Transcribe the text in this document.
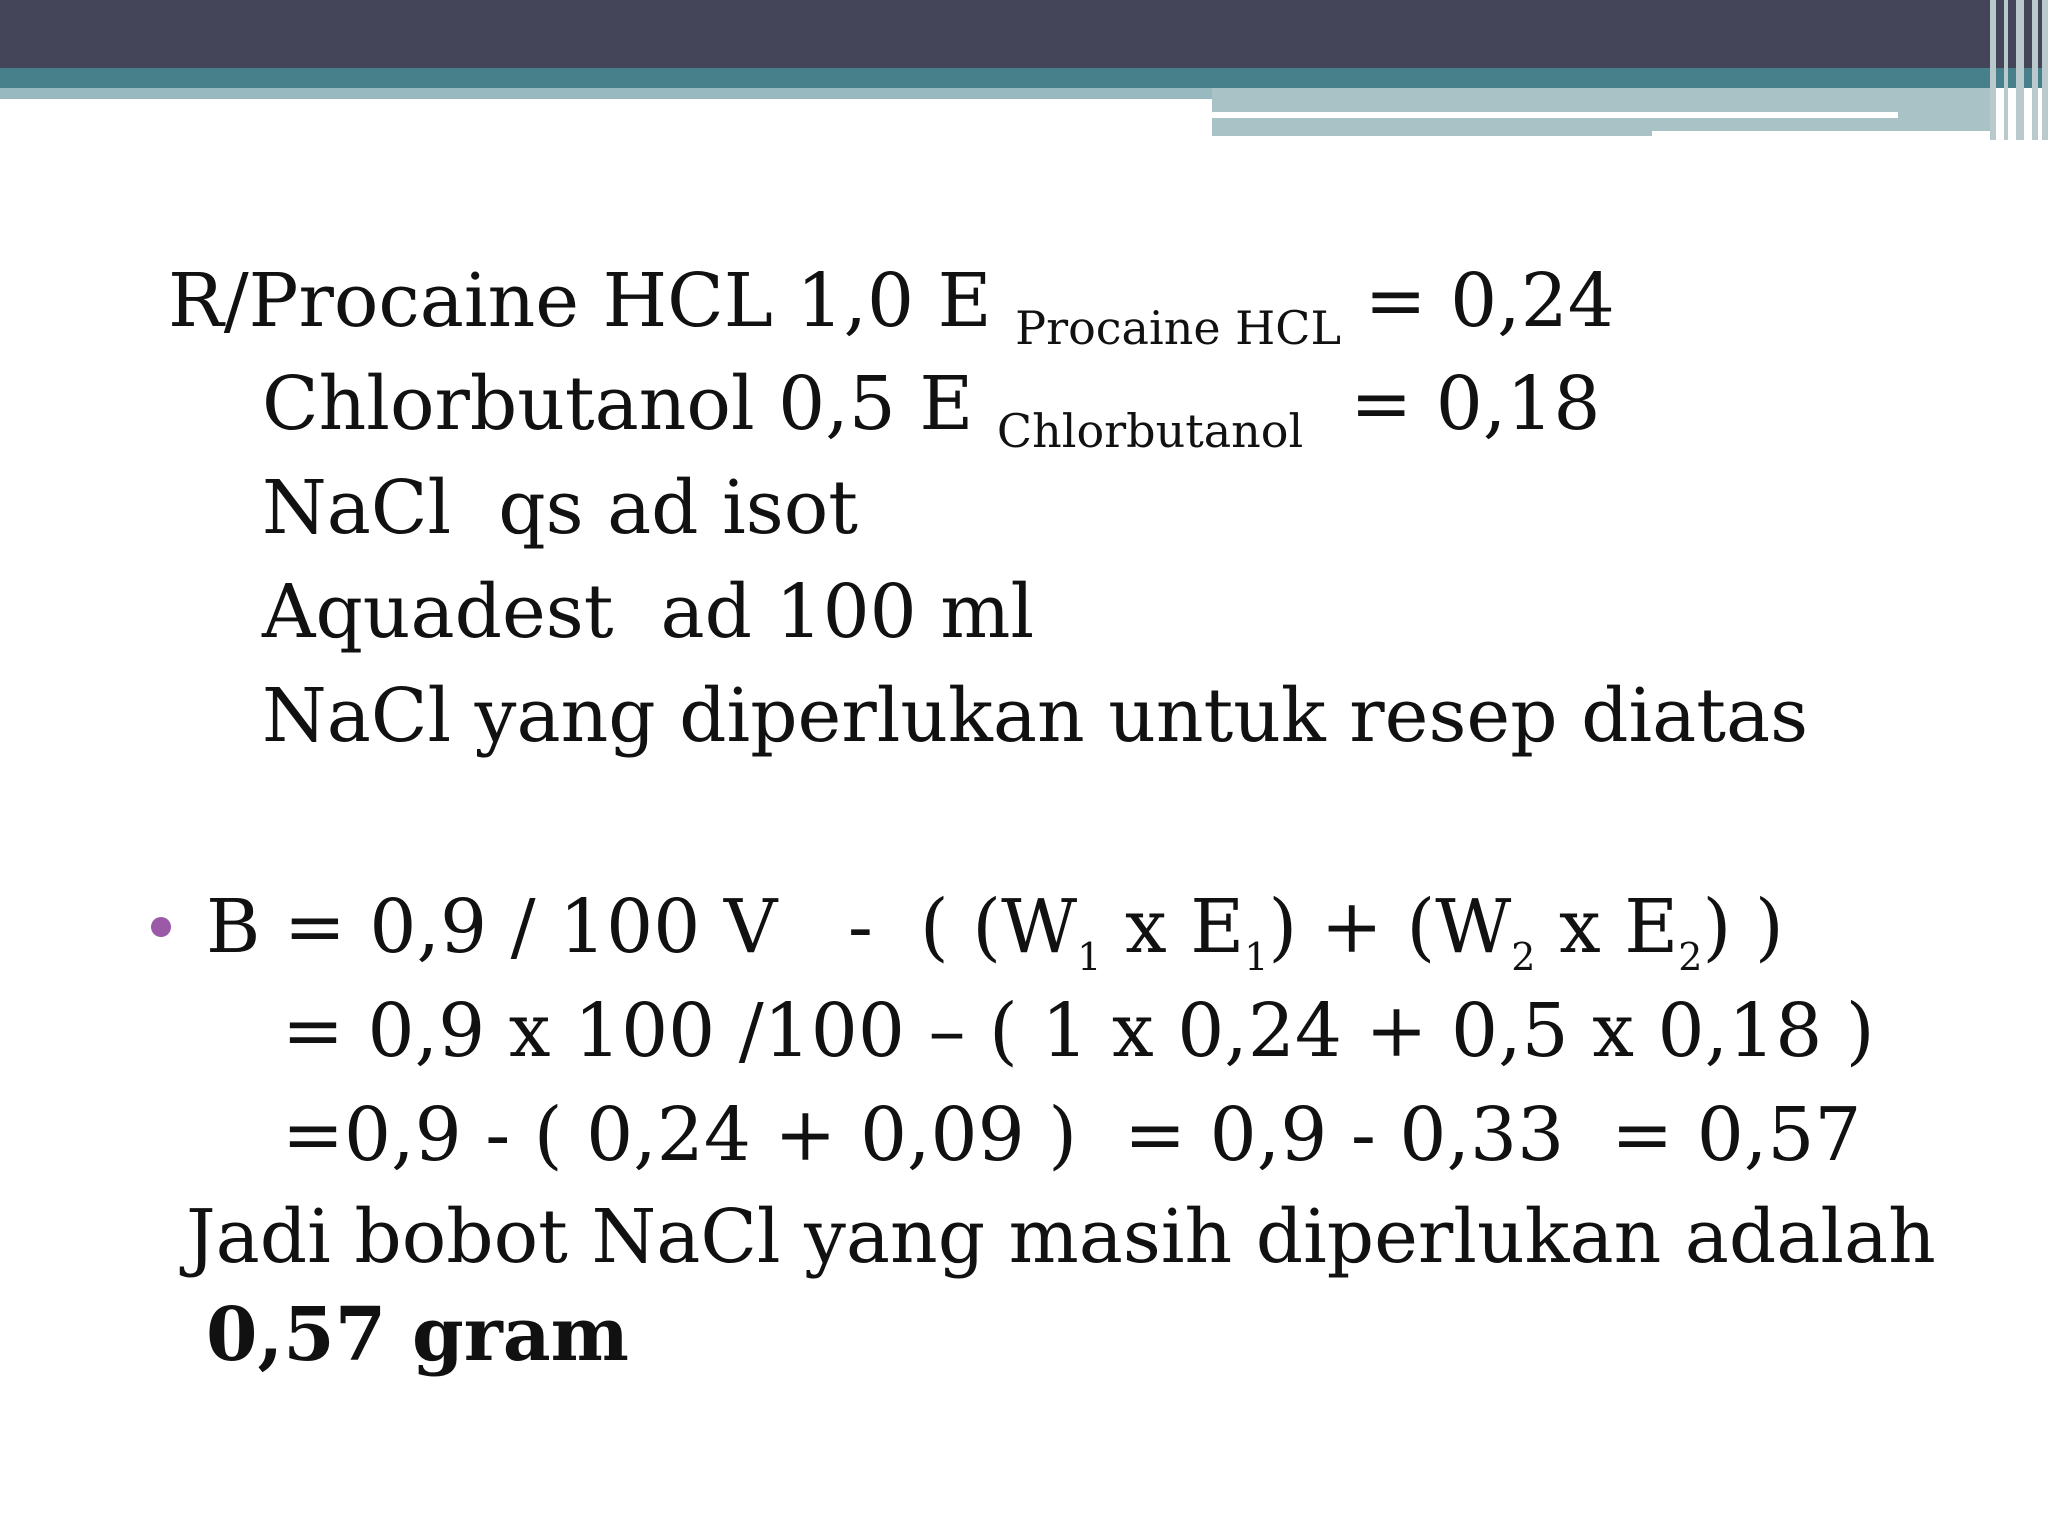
R/Procaine HCL 1,0 E $_{Procaine HCL}$ = 0,24
Chlorbutanol 0,5 E $_{Chlorbutanol}$  = 0,18
NaCl  qs ad isot
Aquadest  ad 100 ml
NaCl yang diperlukan untuk resep diatas
B = 0,9 / 100 V   -  ( ($W_1$ x $E_1) + (W_2$ x $E_2$) )
= 0,9 x 100 /100 – ( 1 x 0,24 + 0,5 x 0,18 )
=0,9 - ( 0,24 + 0,09 )  = 0,9 - 0,33  = 0,57
Jadi bobot NaCl yang masih diperlukan adalah
0,57 gram
